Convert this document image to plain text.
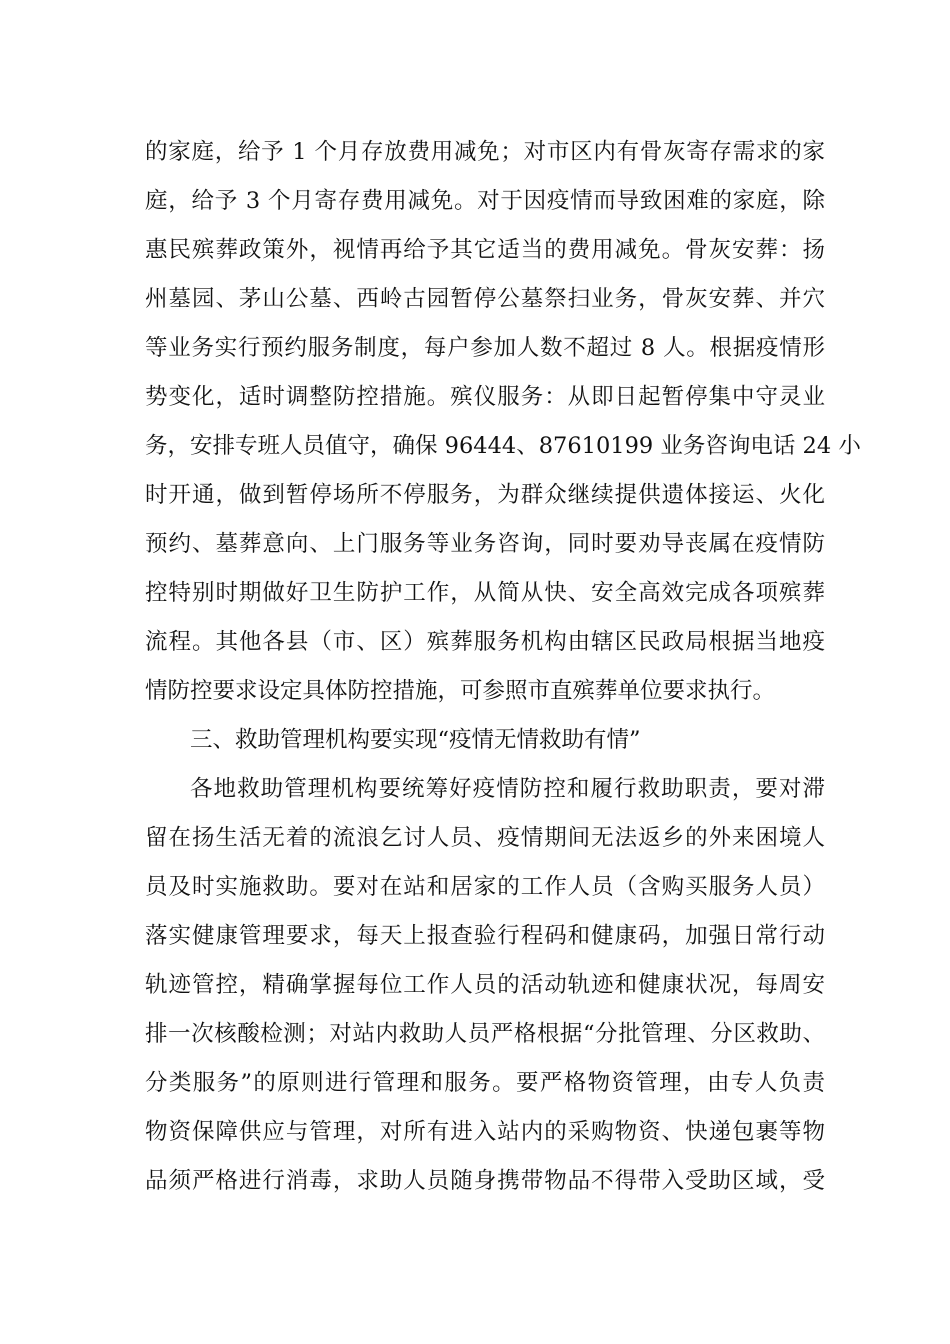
的家庭，给予 1 个月存放费用减免；对市区内有骨灰寄存需求的家
庭，给予 3 个月寄存费用减免。对于因疫情而导致困难的家庭，除
惠民殡葬政策外，视情再给予其它适当的费用减免。骨灰安葬：扬
州墓园、茅山公墓、西岭古园暂停公墓祭扫业务，骨灰安葬、并穴
等业务实行预约服务制度，每户参加人数不超过 8 人。根据疫情形
势变化，适时调整防控措施。殡仪服务：从即日起暂停集中守灵业
务，安排专班人员值守，确保 96444、87610199 业务咨询电话 24 小
时开通，做到暂停场所不停服务，为群众继续提供遗体接运、火化
预约、墓葬意向、上门服务等业务咨询，同时要劝导丧属在疫情防
控特别时期做好卫生防护工作，从简从快、安全高效完成各项殡葬
流程。其他各县（市、区）殡葬服务机构由辖区民政局根据当地疫
情防控要求设定具体防控措施，可参照市直殡葬单位要求执行。
三、救助管理机构要实现“疫情无情救助有情”
各地救助管理机构要统筹好疫情防控和履行救助职责，要对滞
留在扬生活无着的流浪乞讨人员、疫情期间无法返乡的外来困境人
员及时实施救助。要对在站和居家的工作人员（含购买服务人员）
落实健康管理要求，每天上报查验行程码和健康码，加强日常行动
轨迹管控，精确掌握每位工作人员的活动轨迹和健康状况，每周安
排一次核酸检测；对站内救助人员严格根据“分批管理、分区救助、
分类服务”的原则进行管理和服务。要严格物资管理，由专人负责
物资保障供应与管理，对所有进入站内的采购物资、快递包裹等物
品须严格进行消毒，求助人员随身携带物品不得带入受助区域，受
